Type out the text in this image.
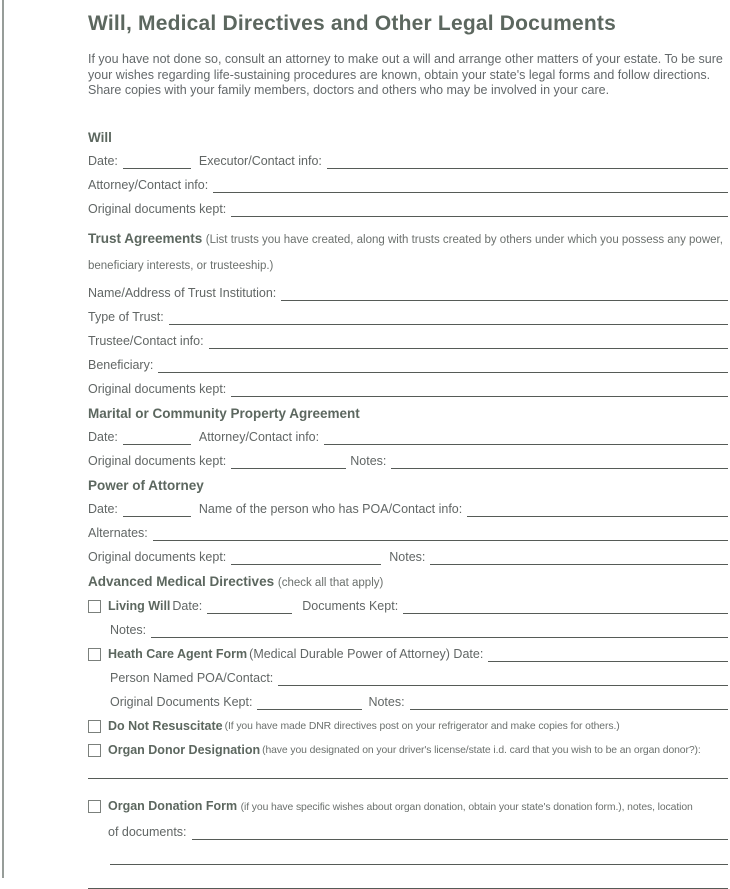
Will, Medical Directives and Other Legal Documents

If you have not done so, consult an attorney to make out a will and arrange other matters of your estate. To be sure your wishes regarding life-sustaining procedures are known, obtain your state's legal forms and follow directions. Share copies with your family members, doctors and others who may be involved in your care.

Will
Date:	Executor/Contact info:
Attorney/Contact info:
Original documents kept:
Trust Agreements (List trusts you have created, along with trusts created by others under which you possess any power, beneficiary interests, or trusteeship.)
Name/Address of Trust Institution:
Type of Trust:
Trustee/Contact info:
Beneficiary:
Original documents kept:
Marital or Community Property Agreement
Date:	Attorney/Contact info:
Original documents kept:	Notes:
Power of Attorney
Date:	Name of the person who has POA/Contact info:
Alternates:
Original documents kept:	Notes:
Advanced Medical Directives (check all that apply)
Living Will Date:	Documents Kept:
Notes:
Heath Care Agent Form (Medical Durable Power of Attorney) Date:
Person Named POA/Contact:
Original Documents Kept:	Notes:
Do Not Resuscitate (If you have made DNR directives post on your refrigerator and make copies for others.)
Organ Donor Designation (have you designated on your driver's license/state i.d. card that you wish to be an organ donor?):
Organ Donation Form (if you have specific wishes about organ donation, obtain your state's donation form.), notes, location
of documents:
